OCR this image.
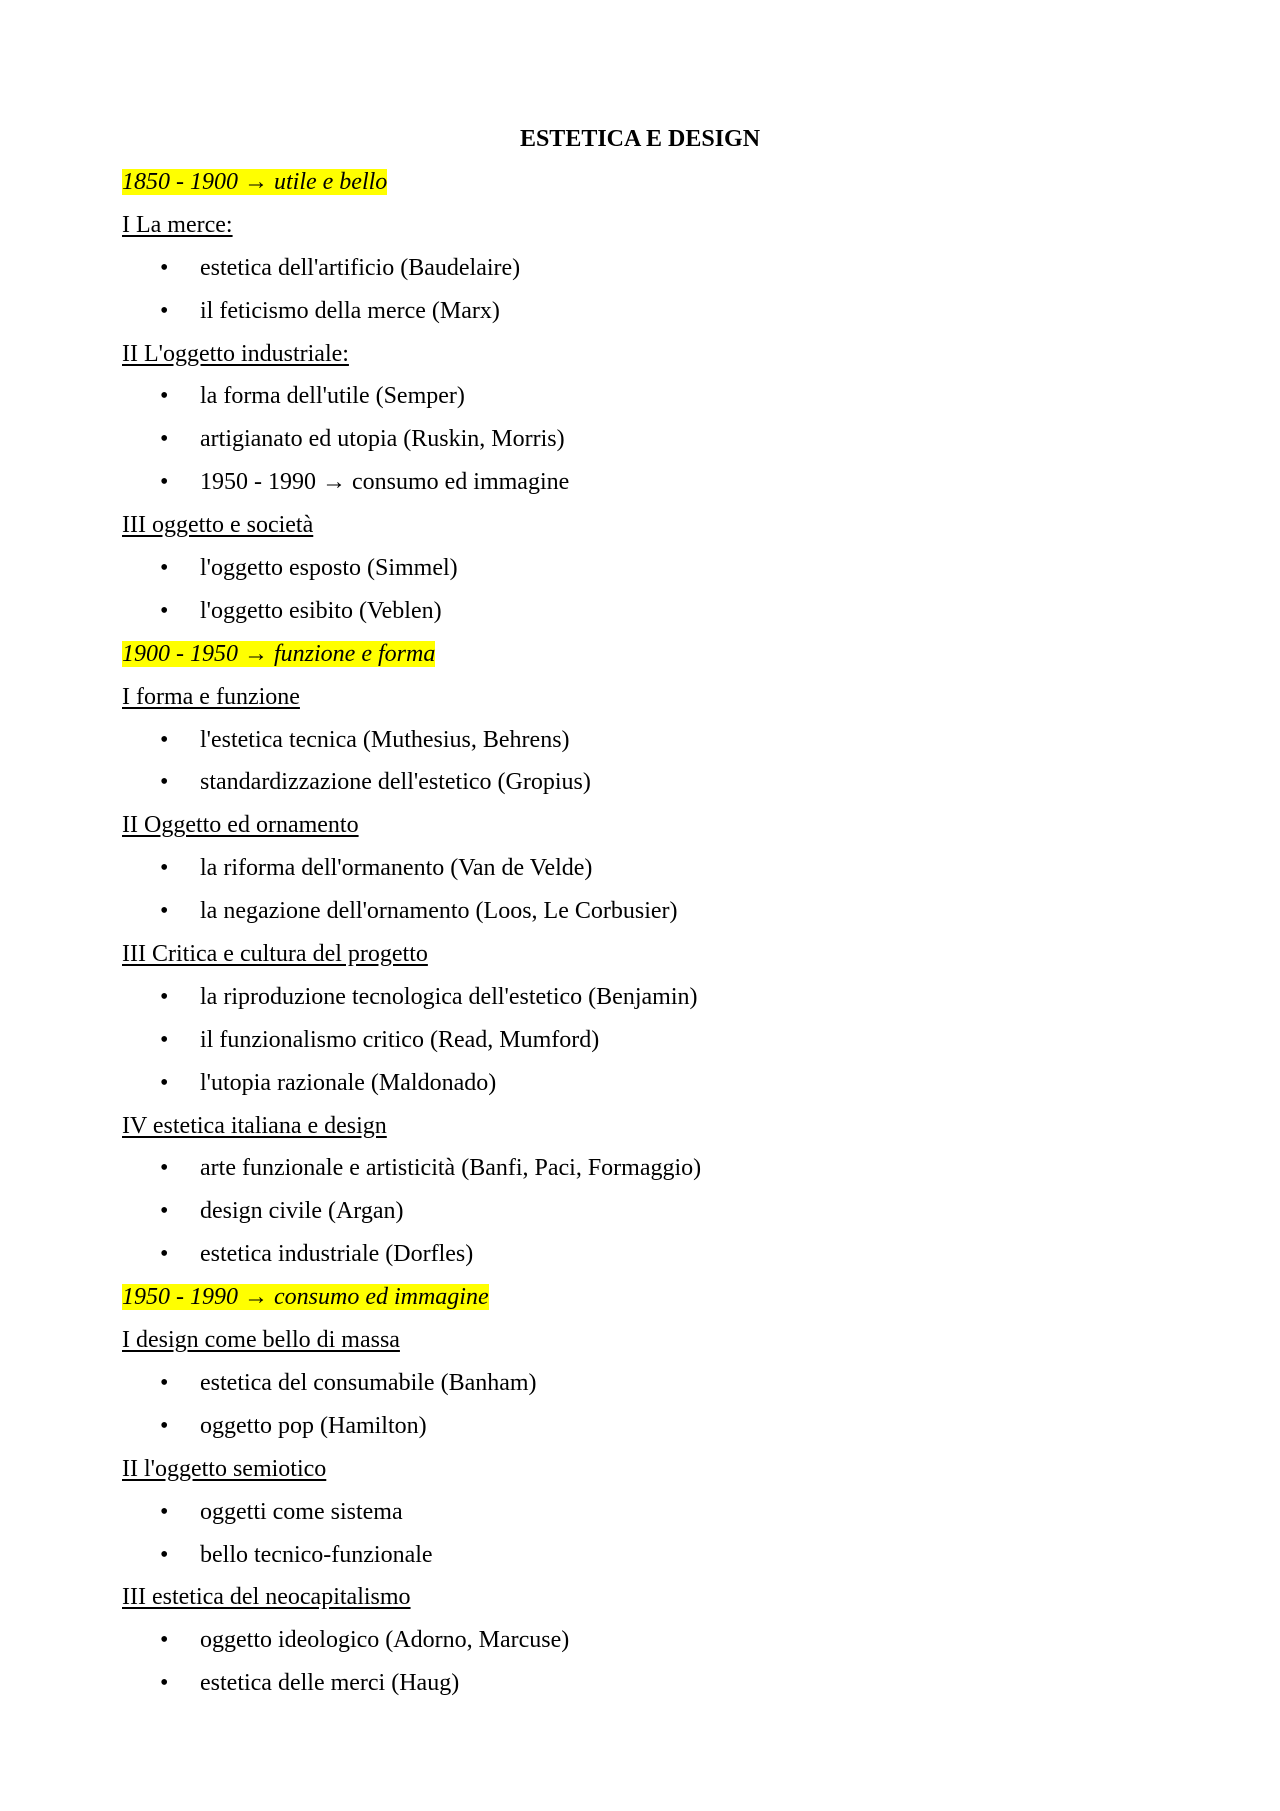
ESTETICA E DESIGN
1850 - 1900 → utile e bello
I La merce:
• estetica dell'artificio (Baudelaire)
• il feticismo della merce (Marx)
II L'oggetto industriale:
• la forma dell'utile (Semper)
• artigianato ed utopia (Ruskin, Morris)
• 1950 - 1990 → consumo ed immagine
III oggetto e società
• l'oggetto esposto (Simmel)
• l'oggetto esibito (Veblen)
1900 - 1950 → funzione e forma
I forma e funzione
• l'estetica tecnica (Muthesius, Behrens)
• standardizzazione dell'estetico (Gropius)
II Oggetto ed ornamento
• la riforma dell'ormanento (Van de Velde)
• la negazione dell'ornamento (Loos, Le Corbusier)
III Critica e cultura del progetto
• la riproduzione tecnologica dell'estetico (Benjamin)
• il funzionalismo critico (Read, Mumford)
• l'utopia razionale (Maldonado)
IV estetica italiana e design
• arte funzionale e artisticità (Banfi, Paci, Formaggio)
• design civile (Argan)
• estetica industriale (Dorfles)
1950 - 1990 → consumo ed immagine
I design come bello di massa
• estetica del consumabile (Banham)
• oggetto pop (Hamilton)
II l'oggetto semiotico
• oggetti come sistema
• bello tecnico-funzionale
III estetica del neocapitalismo
• oggetto ideologico (Adorno, Marcuse)
• estetica delle merci (Haug)
